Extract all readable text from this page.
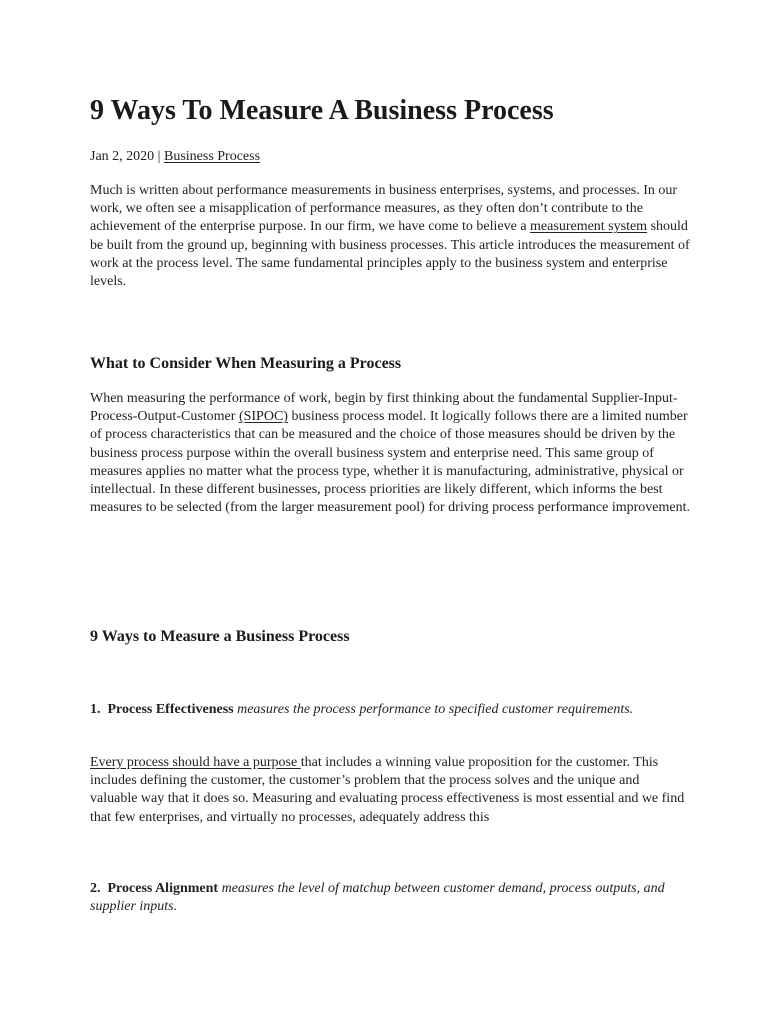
9 Ways To Measure A Business Process
Jan 2, 2020 | Business Process

Much is written about performance measurements in business enterprises, systems, and processes. In our work, we often see a misapplication of performance measures, as they often don’t contribute to the achievement of the enterprise purpose. In our firm, we have come to believe a measurement system should be built from the ground up, beginning with business processes. This article introduces the measurement of work at the process level. The same fundamental principles apply to the business system and enterprise levels.

What to Consider When Measuring a Process

When measuring the performance of work, begin by first thinking about the fundamental Supplier-Input-Process-Output-Customer (SIPOC) business process model. It logically follows there are a limited number of process characteristics that can be measured and the choice of those measures should be driven by the business process purpose within the overall business system and enterprise need. This same group of measures applies no matter what the process type, whether it is manufacturing, administrative, physical or intellectual. In these different businesses, process priorities are likely different, which informs the best measures to be selected (from the larger measurement pool) for driving process performance improvement.

9 Ways to Measure a Business Process

1. Process Effectiveness measures the process performance to specified customer requirements.

Every process should have a purpose that includes a winning value proposition for the customer. This includes defining the customer, the customer’s problem that the process solves and the unique and valuable way that it does so. Measuring and evaluating process effectiveness is most essential and we find that few enterprises, and virtually no processes, adequately address this

2. Process Alignment measures the level of matchup between customer demand, process outputs, and supplier inputs.
